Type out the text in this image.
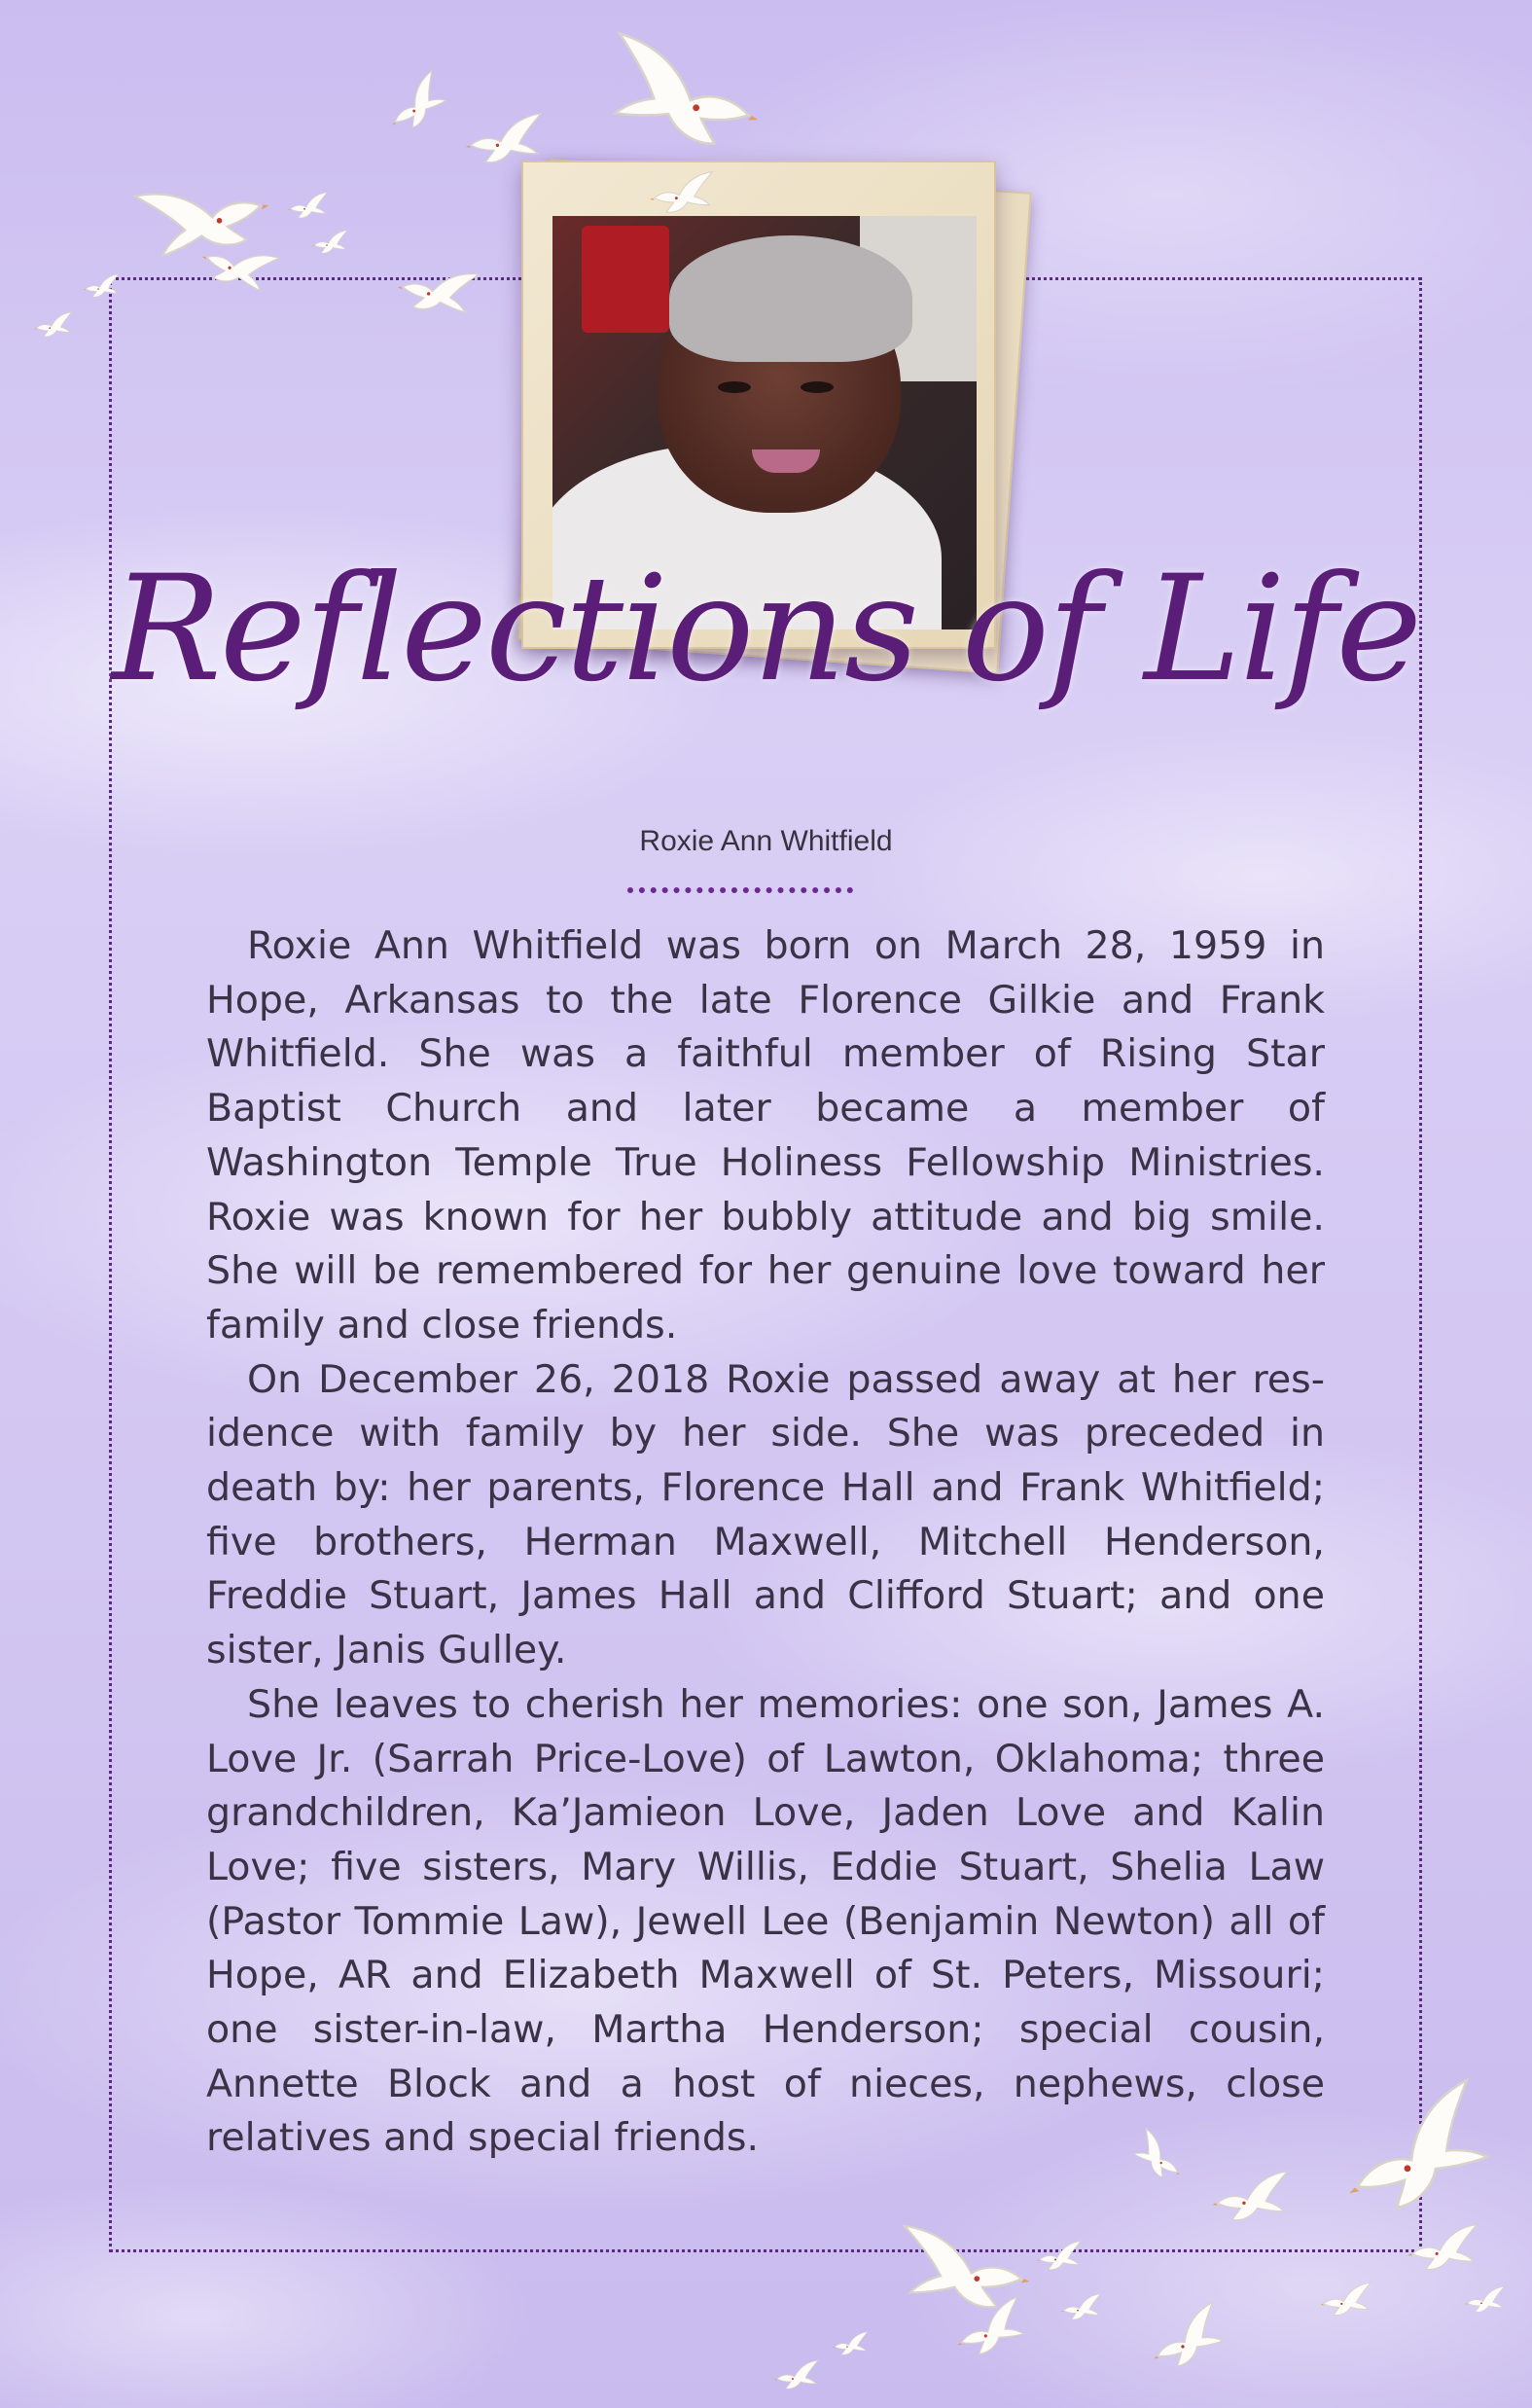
Reflections of Life
Roxie Ann Whitfield

Roxie Ann Whitfield was born on March 28, 1959 in Hope, Arkansas to the late Florence Gilkie and Frank Whitfield. She was a faithful member of Rising Star Baptist Church and later became a member of Washington Temple True Holiness Fellowship Ministries. Roxie was known for her bubbly attitude and big smile. She will be remembered for her genuine love toward her family and close friends.

On December 26, 2018 Roxie passed away at her res-idence with family by her side. She was preceded in death by: her parents, Florence Hall and Frank Whitfield; five brothers, Herman Maxwell, Mitchell Henderson, Freddie Stuart, James Hall and Clifford Stuart; and one sister, Janis Gulley.

She leaves to cherish her memories: one son, James A. Love Jr. (Sarrah Price-Love) of Lawton, Oklahoma; three grandchildren, Ka’Jamieon Love, Jaden Love and Kalin Love; five sisters, Mary Willis, Eddie Stuart, Shelia Law (Pastor Tommie Law), Jewell Lee (Benjamin Newton) all of Hope, AR and Elizabeth Maxwell of St. Peters, Missouri; one sister-in-law, Martha Henderson; special cousin, Annette Block and a host of nieces, nephews, close relatives and special friends.
